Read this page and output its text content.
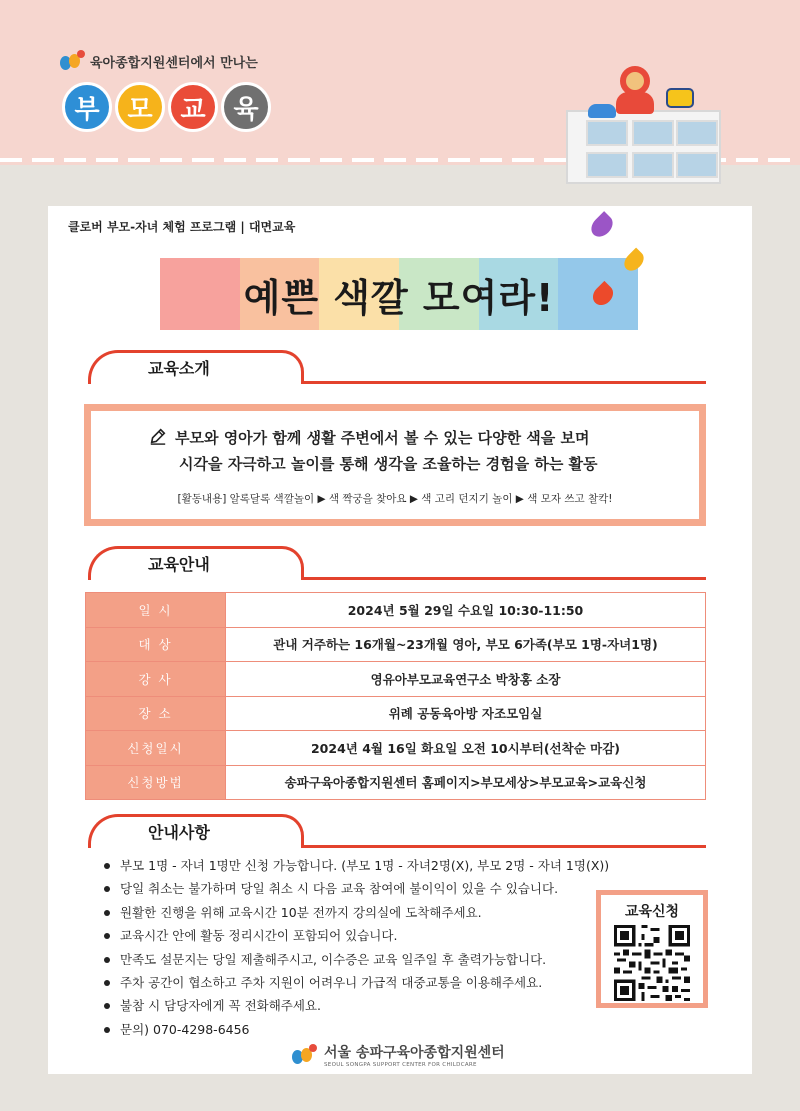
육아종합지원센터에서 만나는
부	모	교	육
클로버 부모-자녀 체험 프로그램 | 대면교육
예쁜 색깔 모여라!
교육소개
부모와 영아가 함께 생활 주변에서 볼 수 있는 다양한 색을 보며
시각을 자극하고 놀이를 통해 생각을 조율하는 경험을 하는 활동
[활동내용] 알록달록 색깔놀이 ▶ 색 짝궁을 찾아요 ▶ 색 고리 던지기 놀이 ▶ 색 모자 쓰고 찰칵!
교육안내
일 시	2024년 5월 29일 수요일 10:30-11:50
대 상	관내 거주하는 16개월~23개월 영아, 부모 6가족(부모 1명-자녀1명)
강 사	영유아부모교육연구소 박창홍 소장
장 소	위례 공동육아방 자조모임실
신청일시	2024년 4월 16일 화요일 오전 10시부터(선착순 마감)
신청방법	송파구육아종합지원센터 홈페이지>부모세상>부모교육>교육신청
안내사항
부모 1명 - 자녀 1명만 신청 가능합니다. (부모 1명 - 자녀2명(X), 부모 2명 - 자녀 1명(X))
당일 취소는 불가하며 당일 취소 시 다음 교육 참여에 불이익이 있을 수 있습니다.
원활한 진행을 위해 교육시간 10분 전까지 강의실에 도착해주세요.
교육시간 안에 활동 정리시간이 포함되어 있습니다.
만족도 설문지는 당일 제출해주시고, 이수증은 교육 일주일 후 출력가능합니다.
주차 공간이 협소하고 주차 지원이 어려우니 가급적 대중교통을 이용해주세요.
불참 시 담당자에게 꼭 전화해주세요.
문의) 070-4298-6456
교육신청
서울 송파구육아종합지원센터
SEOUL SONGPA SUPPORT CENTER FOR CHILDCARE
